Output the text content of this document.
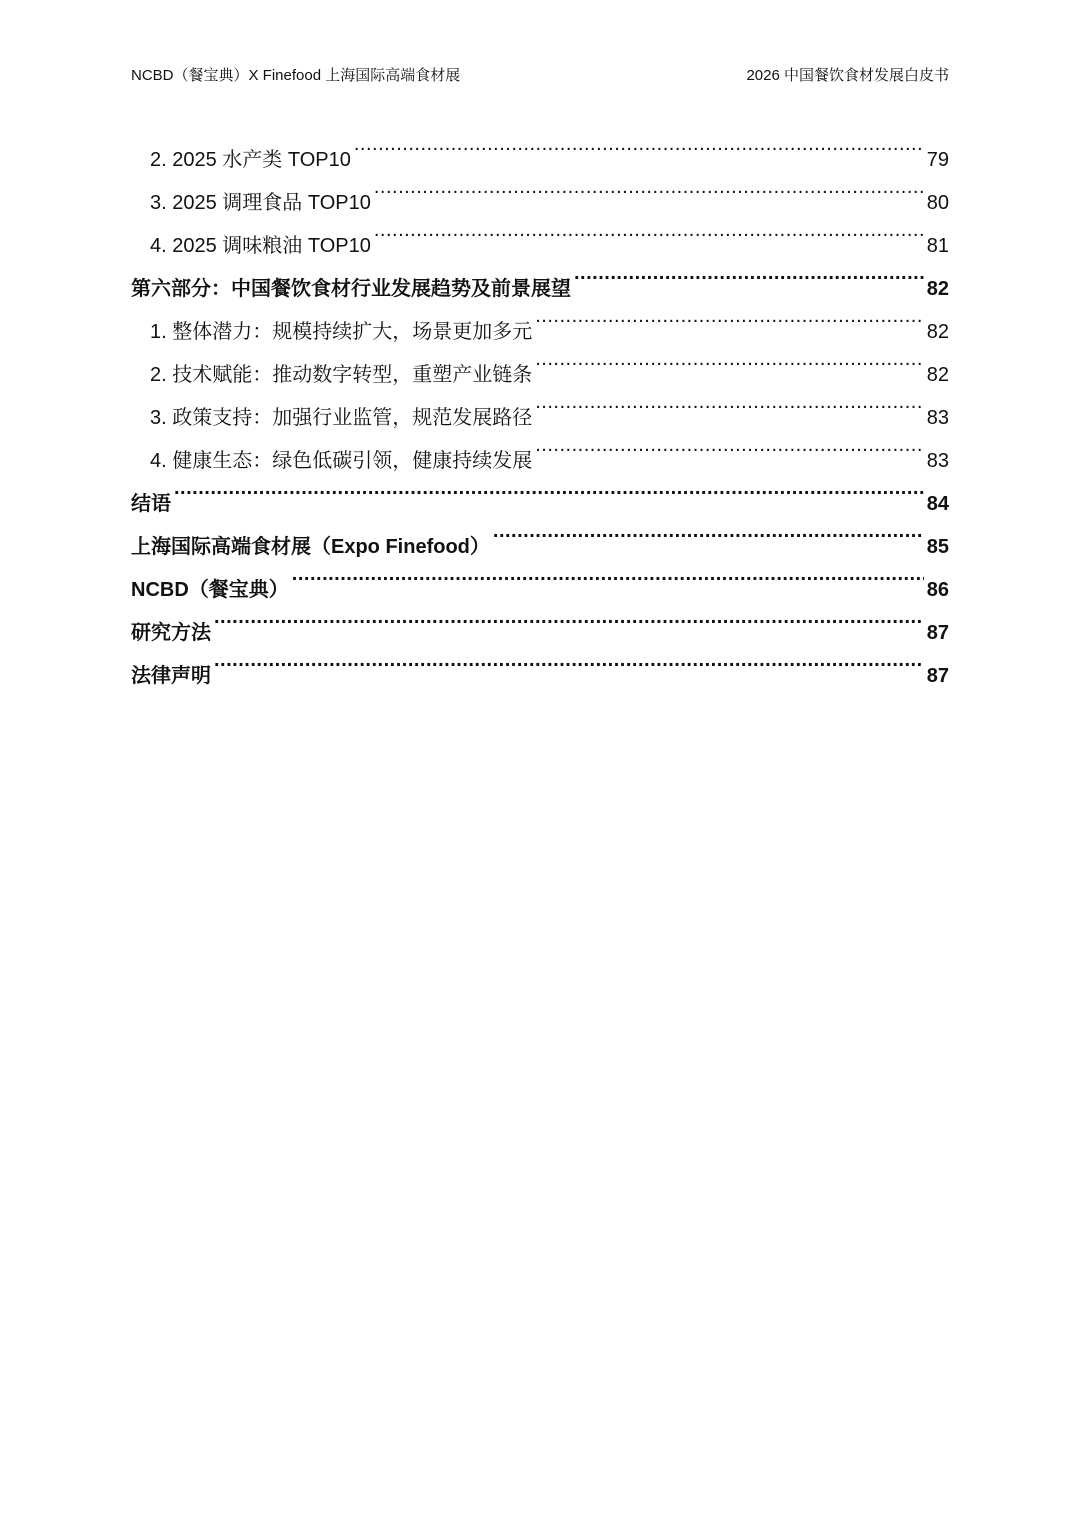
NCBD（餐宝典）X Finefood 上海国际高端食材展	2026 中国餐饮食材发展白皮书
2. 2025 水产类 TOP10 .....	79
3. 2025 调理食品 TOP10 .....	80
4. 2025 调味粮油 TOP10 .....	81
第六部分：中国餐饮食材行业发展趋势及前景展望 .....	82
1. 整体潜力：规模持续扩大，场景更加多元 .....	82
2. 技术赋能：推动数字转型，重塑产业链条 .....	82
3. 政策支持：加强行业监管，规范发展路径 .....	83
4. 健康生态：绿色低碳引领，健康持续发展 .....	83
结语 .....	84
上海国际高端食材展（Expo Finefood） .....	85
NCBD（餐宝典） .....	86
研究方法 .....	87
法律声明 .....	87
